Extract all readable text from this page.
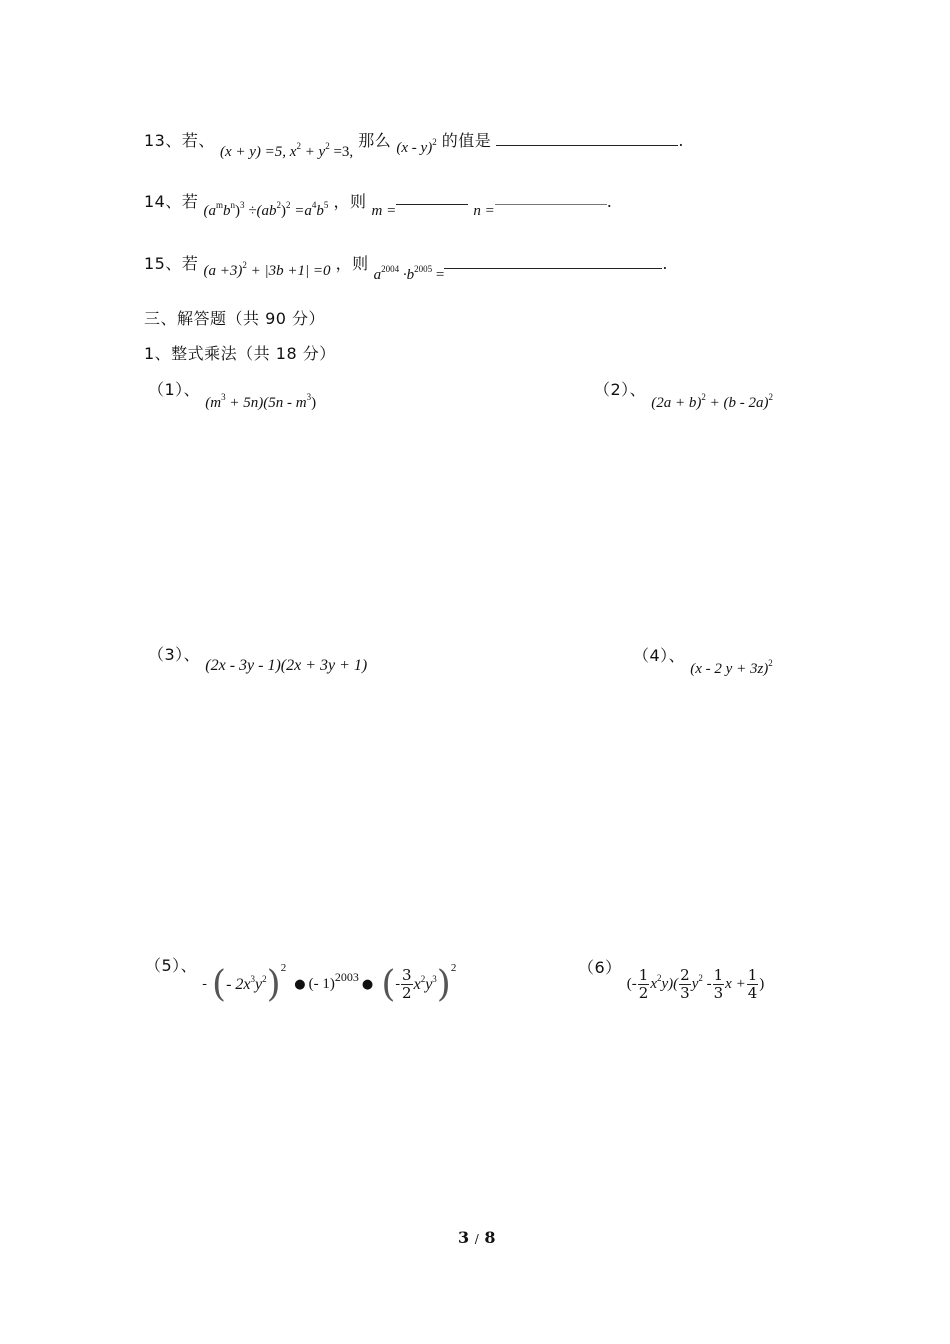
13、若、 (x + y) =5, $x^2 + y^2 =3$, 那么 (x - y)$^2$ 的值是	.
14、若 $(a^mb^n)^3 \div(ab^2)^2 =a^4b^5$ ，则 m =	n =	.
15、若 $(a +3)^2 + |3b +1| =0$ ，则 $a^{2004} \cdot b^{2005}$ =.
三、解答题（共 90 分）
1、整式乘法（共 18 分）
（1）、 $(m^3 + 5n)(5n - m^3)$
（2）、 $(2a + b)^2 + (b - 2a)^2$
（3）、 (2x - 3y - 1)(2x + 3y + 1)
（4）、 (x - 2 y + 3z)$^2$
（5）、 - (- $2x^3y^2)^2$ ● (- 1)$^{2003}$ ● (- $\frac{3}{2} x^2y^3)^2$	（6） (- $\frac{1}{2} x^2y)( \frac{2}{3} y^2 - \frac{1}{3}$ $x + \frac{1}{4}$ )
3 / 8
